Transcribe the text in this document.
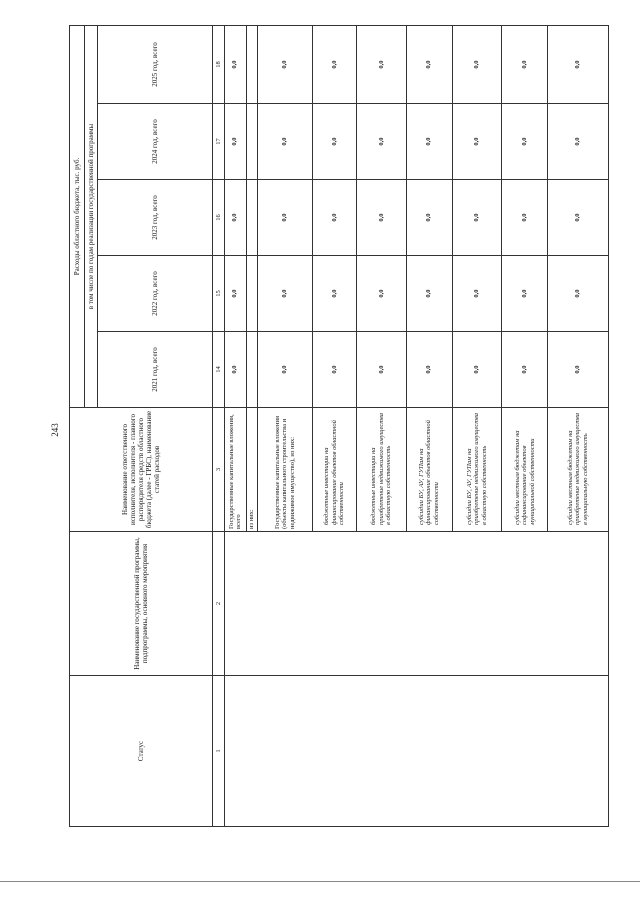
243
Статус	Наименование государственной программы, подпрограммы, основного мероприятия	Наименование ответственного исполнителя, исполнителя - главного распорядителя средств областного бюджета (далее - ГРБС), наименование статей расходов	Расходы областного бюджета, тыс. руб.				
			в том числе по годам реализации государственной программы				
			2021 год, всего	2022 год, всего	2023 год, всего	2024 год, всего	2025 год, всего
1	2	3	14	15	16	17	18
		Государственные капитальные вложения, всего	0,0	0,0	0,0	0,0	0,0
		из них:					
		Государственные капитальные вложения (объекты капитального строительства и недвижимое имущество), из них:	0,0	0,0	0,0	0,0	0,0
		бюджетные инвестиции на финансирование объектов областной собственности	0,0	0,0	0,0	0,0	0,0
		бюджетные инвестиции на приобретение недвижимого имущества в областную собственность	0,0	0,0	0,0	0,0	0,0
		субсидии БУ, АУ, ГУПам на финансирование объектов областной собственности	0,0	0,0	0,0	0,0	0,0
		субсидии БУ, АУ, ГУПам на приобретение недвижимого имущества в областную собственность	0,0	0,0	0,0	0,0	0,0
		субсидии местным бюджетам на софинансирование объектов муниципальной собственности	0,0	0,0	0,0	0,0	0,0
		субсидии местным бюджетам на приобретение недвижимого имущества в муниципальную собственность	0,0	0,0	0,0	0,0	0,0
